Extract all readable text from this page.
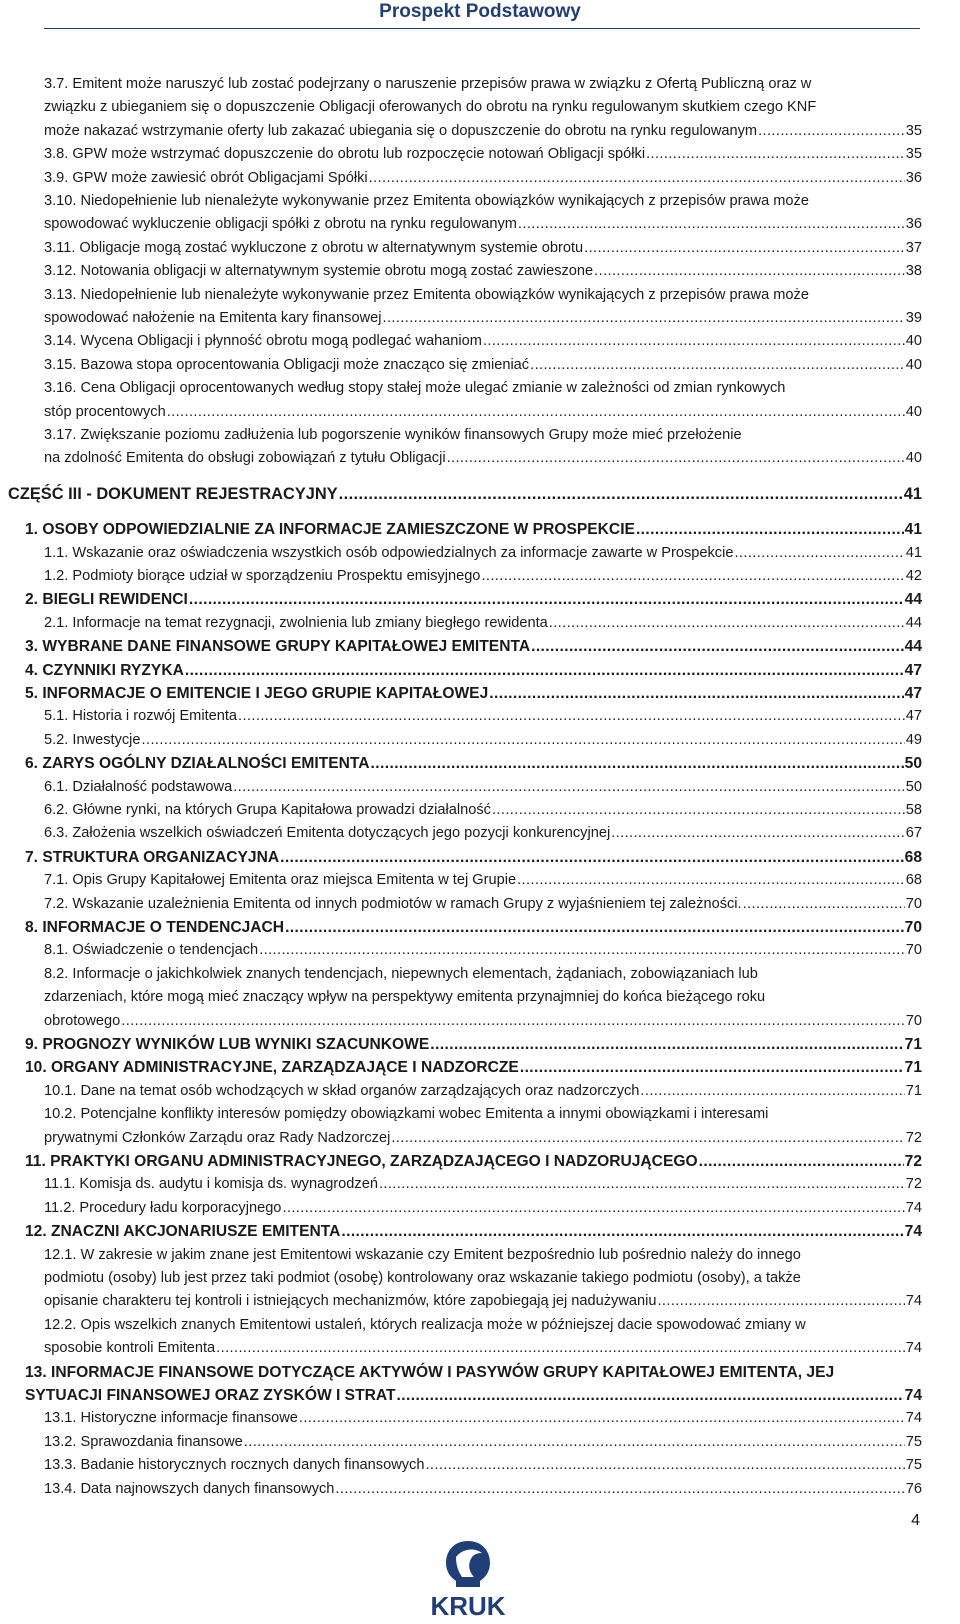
Prospekt Podstawowy
3.7. Emitent może naruszyć lub zostać podejrzany o naruszenie przepisów prawa w związku z Ofertą Publiczną oraz w
związku z ubieganiem się o dopuszczenie Obligacji oferowanych do obrotu na rynku regulowanym skutkiem czego KNF
może nakazać wstrzymanie oferty lub zakazać ubiegania się o dopuszczenie do obrotu na rynku regulowanym .....	35
3.8. GPW może wstrzymać dopuszczenie do obrotu lub rozpoczęcie notowań Obligacji spółki .....	35
3.9. GPW może zawiesić obrót Obligacjami Spółki .....	36
3.10. Niedopełnienie lub nienależyte wykonywanie przez Emitenta obowiązków wynikających z przepisów prawa może
spowodować wykluczenie obligacji spółki z obrotu na rynku regulowanym .....	36
3.11. Obligacje mogą zostać wykluczone z obrotu w alternatywnym systemie obrotu .....	37
3.12. Notowania obligacji w alternatywnym systemie obrotu mogą zostać zawieszone .....	38
3.13. Niedopełnienie lub nienależyte wykonywanie przez Emitenta obowiązków wynikających z przepisów prawa może
spowodować nałożenie na Emitenta kary finansowej .....	39
3.14. Wycena Obligacji i płynność obrotu mogą podlegać wahaniom .....	40
3.15. Bazowa stopa oprocentowania Obligacji może znacząco się zmieniać .....	40
3.16. Cena Obligacji oprocentowanych według stopy stałej może ulegać zmianie w zależności od zmian rynkowych
stóp procentowych .....	40
3.17. Zwiększanie poziomu zadłużenia lub pogorszenie wyników finansowych Grupy może mieć przełożenie
na zdolność Emitenta do obsługi zobowiązań z tytułu Obligacji .....	40
CZĘŚĆ III - DOKUMENT REJESTRACYJNY .....	41
1. OSOBY ODPOWIEDZIALNIE ZA INFORMACJE ZAMIESZCZONE W PROSPEKCIE .....	41
1.1. Wskazanie oraz oświadczenia wszystkich osób odpowiedzialnych za informacje zawarte w Prospekcie .....	41
1.2. Podmioty biorące udział w sporządzeniu Prospektu emisyjnego .....	42
2. BIEGLI REWIDENCI .....	44
2.1. Informacje na temat rezygnacji, zwolnienia lub zmiany biegłego rewidenta .....	44
3. WYBRANE DANE FINANSOWE GRUPY KAPITAŁOWEJ EMITENTA .....	44
4. CZYNNIKI RYZYKA .....	47
5. INFORMACJE O EMITENCIE I JEGO GRUPIE KAPITAŁOWEJ .....	47
5.1. Historia i rozwój Emitenta .....	47
5.2. Inwestycje .....	49
6. ZARYS OGÓLNY DZIAŁALNOŚCI EMITENTA .....	50
6.1. Działalność podstawowa .....	50
6.2. Główne rynki, na których Grupa Kapitałowa prowadzi działalność .....	58
6.3. Założenia wszelkich oświadczeń Emitenta dotyczących jego pozycji konkurencyjnej .....	67
7. STRUKTURA ORGANIZACYJNA .....	68
7.1. Opis Grupy Kapitałowej Emitenta oraz miejsca Emitenta w tej Grupie .....	68
7.2. Wskazanie uzależnienia Emitenta od innych podmiotów w ramach Grupy z wyjaśnieniem tej zależności. .....	70
8. INFORMACJE O TENDENCJACH .....	70
8.1. Oświadczenie o tendencjach .....	70
8.2. Informacje o jakichkolwiek znanych tendencjach, niepewnych elementach, żądaniach, zobowiązaniach lub
zdarzeniach, które mogą mieć znaczący wpływ na perspektywy emitenta przynajmniej do końca bieżącego roku
obrotowego .....	70
9. PROGNOZY WYNIKÓW LUB WYNIKI SZACUNKOWE .....	71
10. ORGANY ADMINISTRACYJNE, ZARZĄDZAJĄCE I NADZORCZE .....	71
10.1. Dane na temat osób wchodzących w skład organów zarządzających oraz nadzorczych .....	71
10.2. Potencjalne konflikty interesów pomiędzy obowiązkami wobec Emitenta a innymi obowiązkami i interesami
prywatnymi Członków Zarządu oraz Rady Nadzorczej .....	72
11. PRAKTYKI ORGANU ADMINISTRACYJNEGO, ZARZĄDZAJĄCEGO I NADZORUJĄCEGO .....	72
11.1. Komisja ds. audytu i komisja ds. wynagrodzeń .....	72
11.2. Procedury ładu korporacyjnego .....	74
12. ZNACZNI AKCJONARIUSZE EMITENTA .....	74
12.1. W zakresie w jakim znane jest Emitentowi wskazanie czy Emitent bezpośrednio lub pośrednio należy do innego
podmiotu (osoby) lub jest przez taki podmiot (osobę) kontrolowany oraz wskazanie takiego podmiotu (osoby), a także
opisanie charakteru tej kontroli i istniejących mechanizmów, które zapobiegają jej nadużywaniu .....	74
12.2. Opis wszelkich znanych Emitentowi ustaleń, których realizacja może w późniejszej dacie spowodować zmiany w
sposobie kontroli Emitenta .....	74
13. INFORMACJE FINANSOWE DOTYCZĄCE AKTYWÓW I PASYWÓW GRUPY KAPITAŁOWEJ EMITENTA, JEJ
SYTUACJI FINANSOWEJ ORAZ ZYSKÓW I STRAT .....	74
13.1. Historyczne informacje finansowe .....	74
13.2. Sprawozdania finansowe .....	75
13.3. Badanie historycznych rocznych danych finansowych .....	75
13.4. Data najnowszych danych finansowych .....	76
4
KRUK
